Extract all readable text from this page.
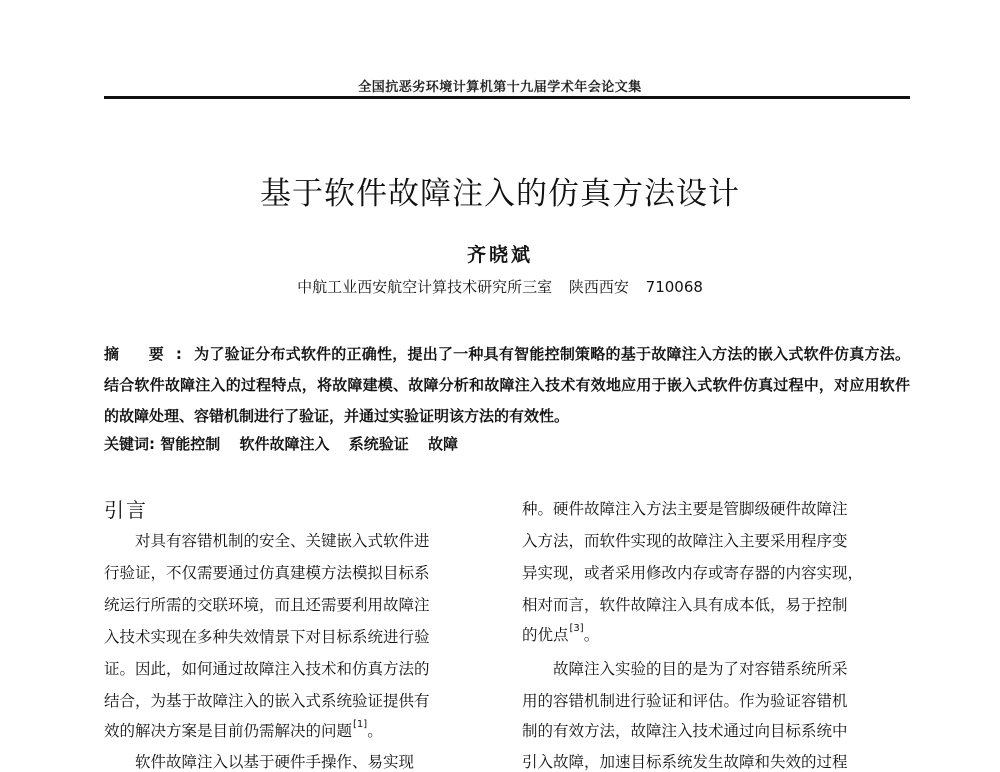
全国抗恶劣环境计算机第十九届学术年会论文集
基于软件故障注入的仿真方法设计
齐晓斌
中航工业西安航空计算技术研究所三室 陕西西安 710068
摘 要:为了验证分布式软件的正确性，提出了一种具有智能控制策略的基于故障注入方法的嵌入式软件仿真方法。结合软件故障注入的过程特点，将故障建模、故障分析和故障注入技术有效地应用于嵌入式软件仿真过程中，对应用软件的故障处理、容错机制进行了验证，并通过实验证明该方法的有效性。
关键词: 智能控制 软件故障注入 系统验证 故障
引言
　　对具有容错机制的安全、关键嵌入式软件进
行验证，不仅需要通过仿真建模方法模拟目标系
统运行所需的交联环境，而且还需要利用故障注
入技术实现在多种失效情景下对目标系统进行验
证。因此，如何通过故障注入技术和仿真方法的
结合，为基于故障注入的嵌入式系统验证提供有
效的解决方案是目前仍需解决的问题 [1] 。
　　软件故障注入以基于硬件手操作、易实现
种。硬件故障注入方法主要是管脚级硬件故障注
入方法，而软件实现的故障注入主要采用程序变
异实现，或者采用修改内存或寄存器的内容实现，
相对而言，软件故障注入具有成本低，易于控制
的优点 [3] 。
　　故障注入实验的目的是为了对容错系统所采
用的容错机制进行验证和评估。作为验证容错机
制的有效方法，故障注入技术通过向目标系统中
引入故障，加速目标系统发生故障和失效的过程
